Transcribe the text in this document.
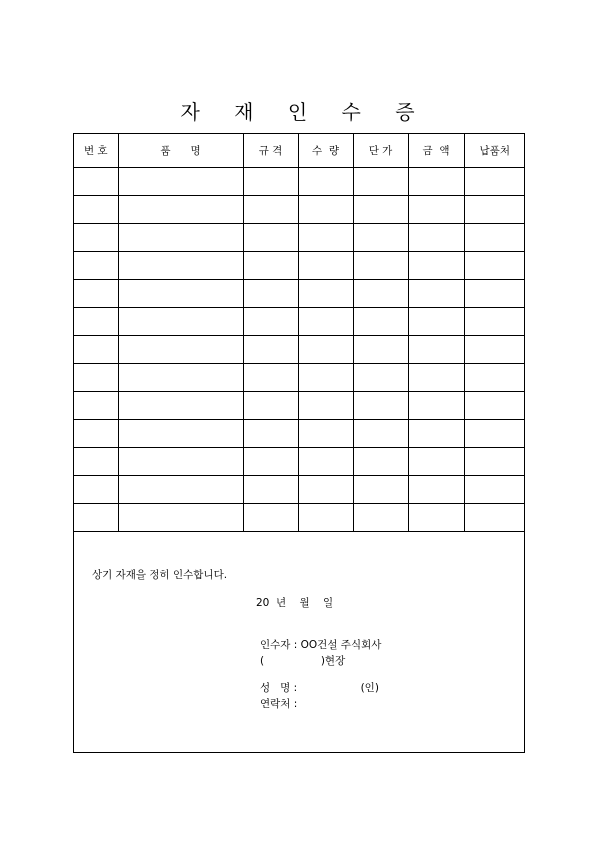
자 재 인 수 증
번 호	품      명	규 격	수  량	단 가	금  액	납품처

상기 자재을 정히 인수합니다.
20  년    월    일
인수자 : OO건설 주식회사
(                 )현장
성   명 :                   (인)
연락처 :
